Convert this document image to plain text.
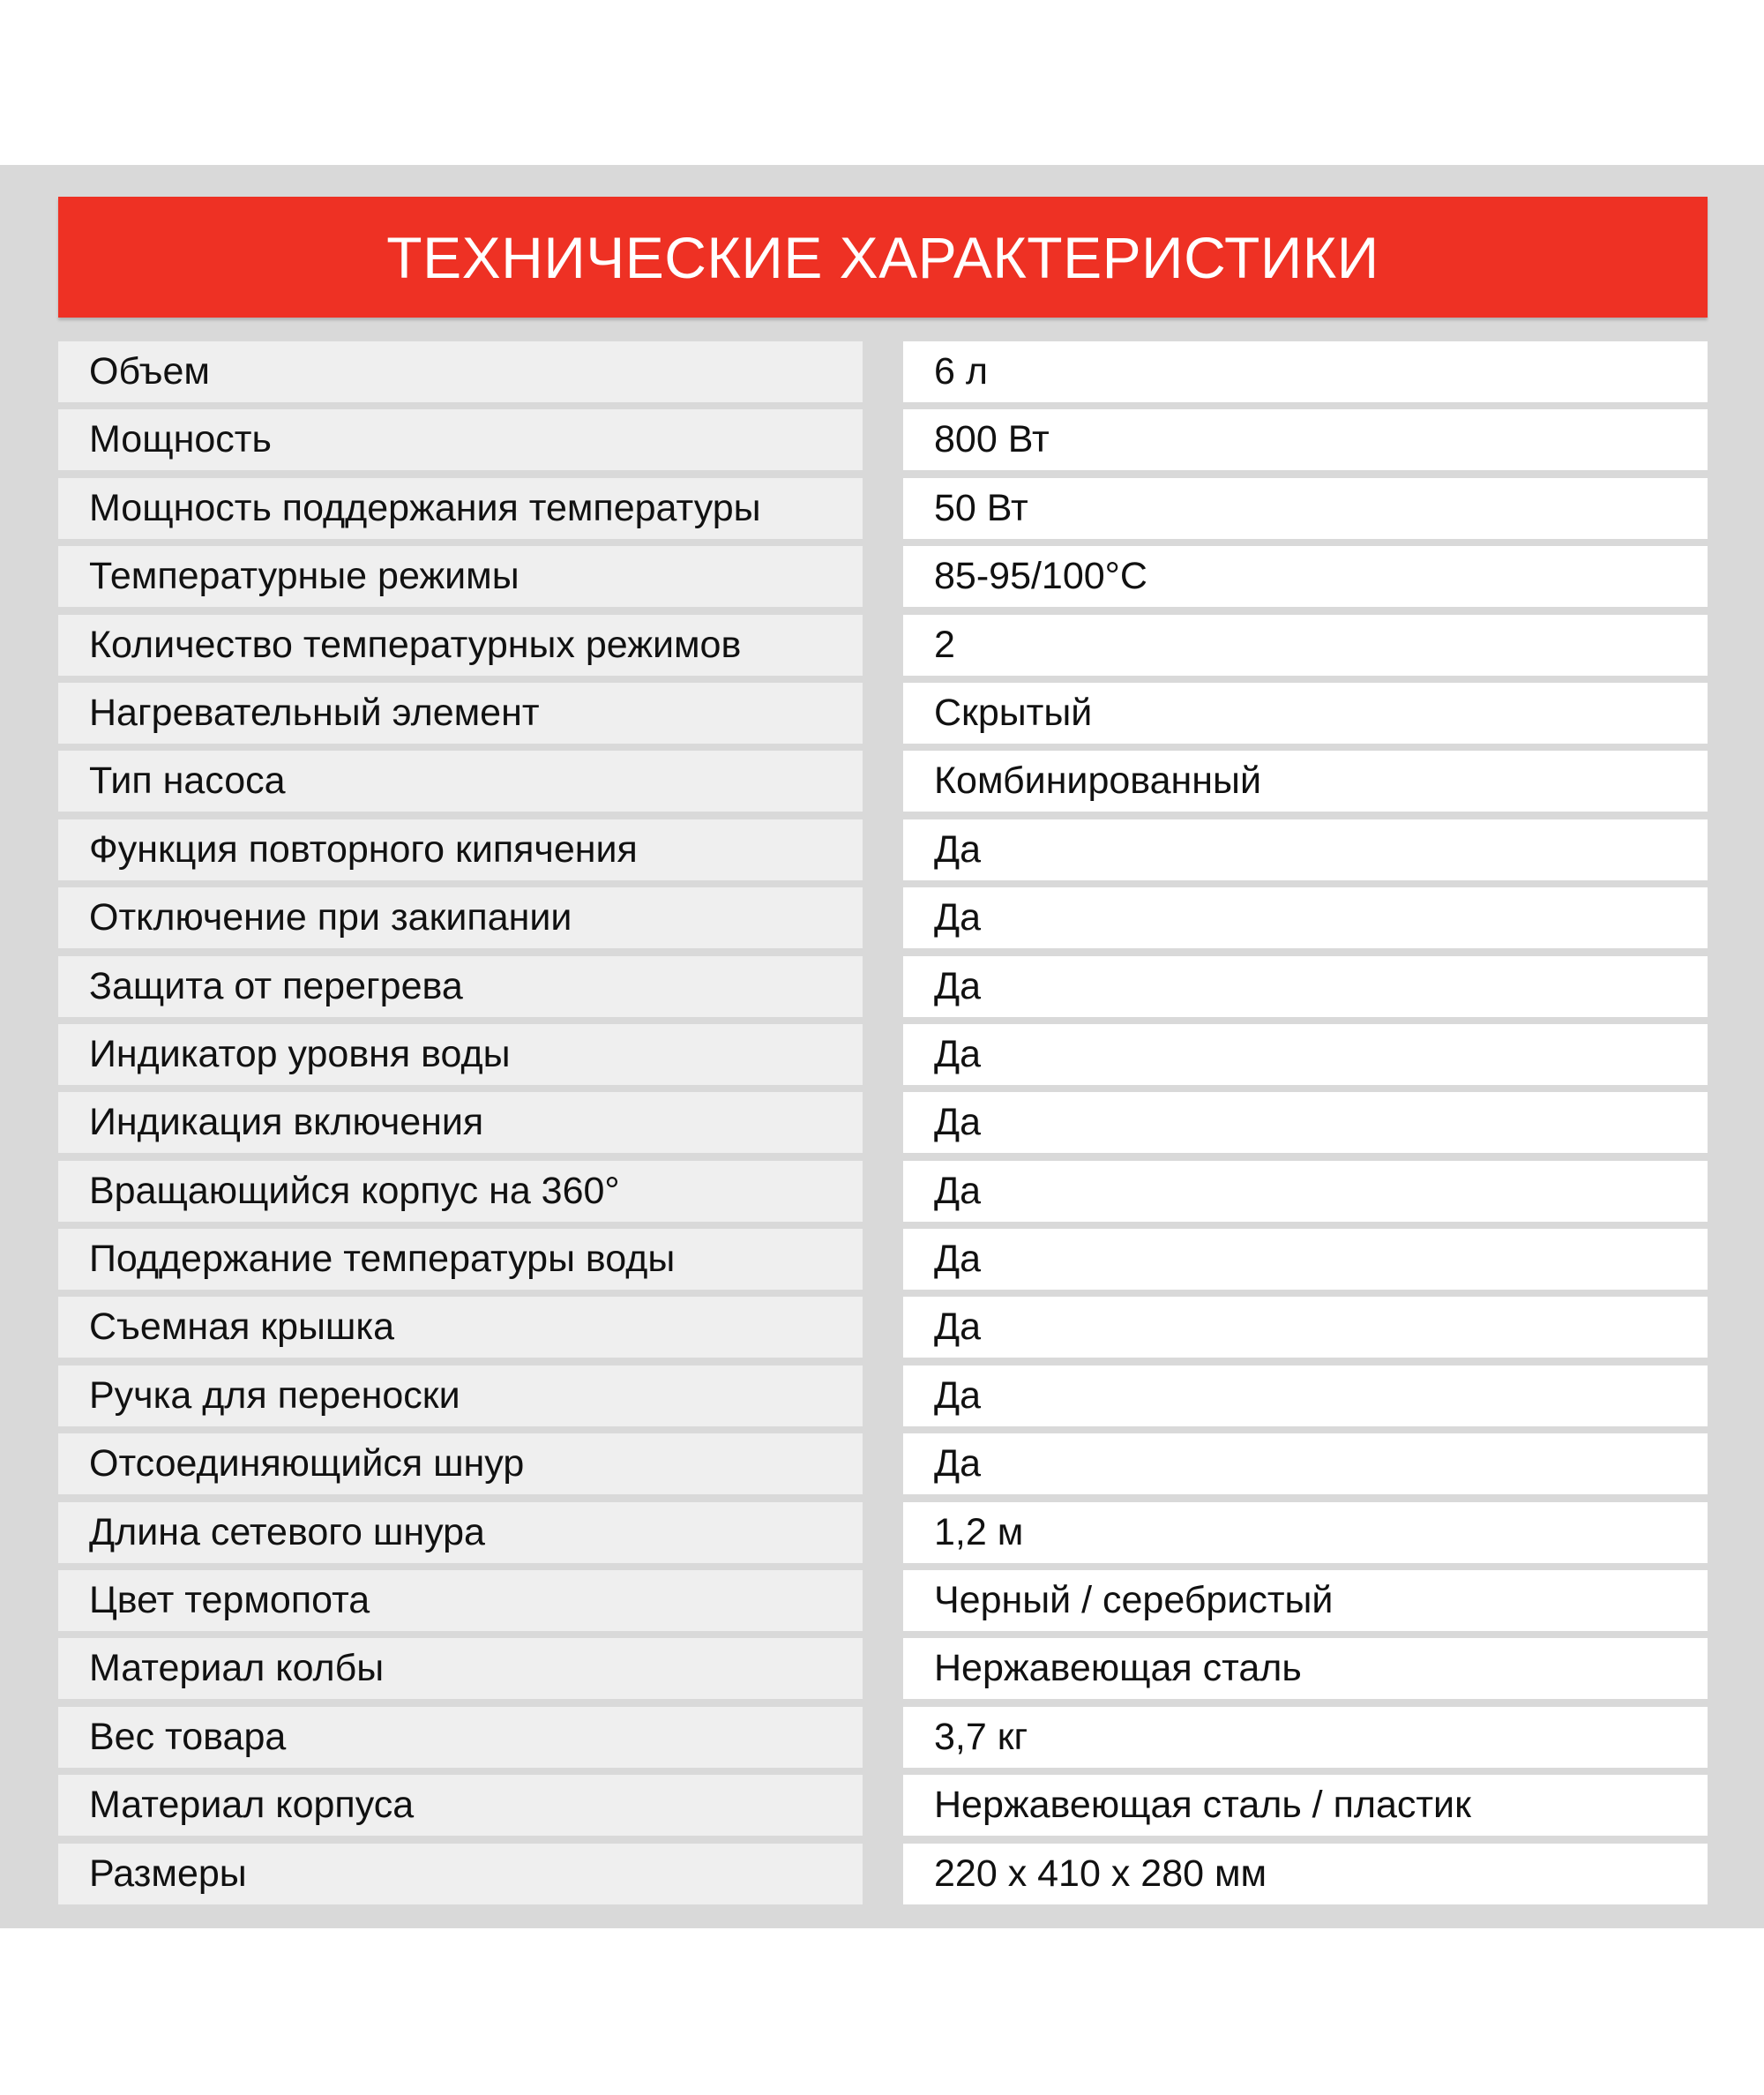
ТЕХНИЧЕСКИЕ ХАРАКТЕРИСТИКИ
Объем	6 л
Мощность	800 Вт
Мощность поддержания температуры	50 Вт
Температурные режимы	85-95/100°С
Количество температурных режимов	2
Нагревательный элемент	Скрытый
Тип насоса	Комбинированный
Функция повторного кипячения	Да
Отключение при закипании	Да
Защита от перегрева	Да
Индикатор уровня воды	Да
Индикация включения	Да
Вращающийся корпус на 360°	Да
Поддержание температуры воды	Да
Съемная крышка	Да
Ручка для переноски	Да
Отсоединяющийся шнур	Да
Длина сетевого шнура	1,2 м
Цвет термопота	Черный / серебристый
Материал колбы	Нержавеющая сталь
Вес товара	3,7 кг
Материал корпуса	Нержавеющая сталь / пластик
Размеры	220 х 410 х 280 мм
